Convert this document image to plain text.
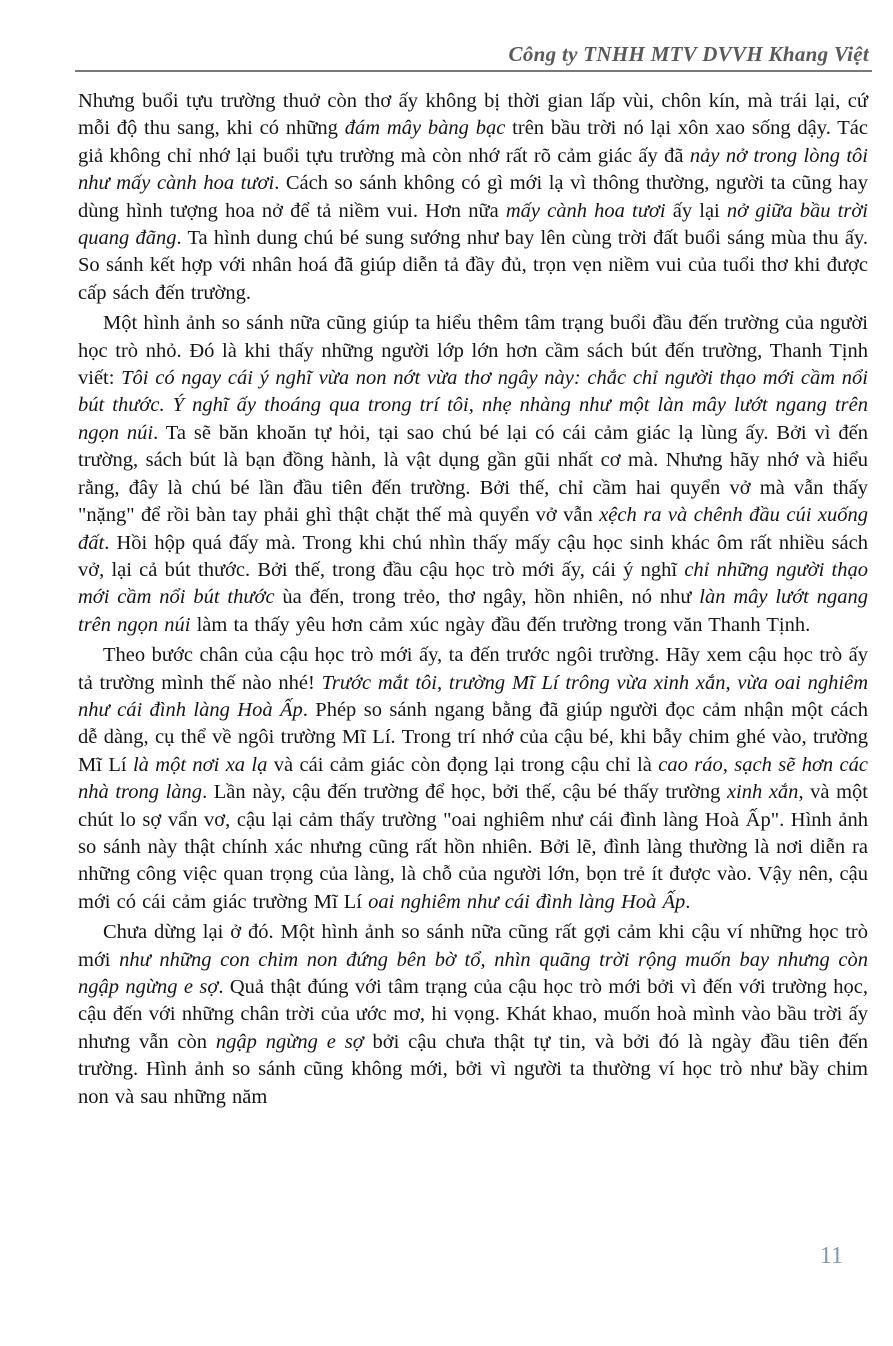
Công ty TNHH MTV DVVH Khang Việt

Nhưng buổi tựu trường thuở còn thơ ấy không bị thời gian lấp vùi, chôn kín, mà trái lại, cứ mỗi độ thu sang, khi có những đám mây bàng bạc trên bầu trời nó lại xôn xao sống dậy. Tác giả không chỉ nhớ lại buổi tựu trường mà còn nhớ rất rõ cảm giác ấy đã nảy nở trong lòng tôi như mấy cành hoa tươi. Cách so sánh không có gì mới lạ vì thông thường, người ta cũng hay dùng hình tượng hoa nở để tả niềm vui. Hơn nữa mấy cành hoa tươi ấy lại nở giữa bầu trời quang đãng. Ta hình dung chú bé sung sướng như bay lên cùng trời đất buổi sáng mùa thu ấy. So sánh kết hợp với nhân hoá đã giúp diễn tả đầy đủ, trọn vẹn niềm vui của tuổi thơ khi được cấp sách đến trường.

Một hình ảnh so sánh nữa cũng giúp ta hiểu thêm tâm trạng buổi đầu đến trường của người học trò nhỏ. Đó là khi thấy những người lớp lớn hơn cầm sách bút đến trường, Thanh Tịnh viết: Tôi có ngay cái ý nghĩ vừa non nớt vừa thơ ngây này: chắc chỉ người thạo mới cầm nổi bút thước. Ý nghĩ ấy thoáng qua trong trí tôi, nhẹ nhàng như một làn mây lướt ngang trên ngọn núi. Ta sẽ băn khoăn tự hỏi, tại sao chú bé lại có cái cảm giác lạ lùng ấy. Bởi vì đến trường, sách bút là bạn đồng hành, là vật dụng gần gũi nhất cơ mà. Nhưng hãy nhớ và hiểu rằng, đây là chú bé lần đầu tiên đến trường. Bởi thế, chỉ cầm hai quyển vở mà vẫn thấy "nặng" để rồi bàn tay phải ghì thật chặt thế mà quyển vở vẫn xệch ra và chênh đầu cúi xuống đất. Hồi hộp quá đấy mà. Trong khi chú nhìn thấy mấy cậu học sinh khác ôm rất nhiều sách vở, lại cả bút thước. Bởi thế, trong đầu cậu học trò mới ấy, cái ý nghĩ chỉ những người thạo mới cầm nổi bút thước ùa đến, trong trẻo, thơ ngây, hồn nhiên, nó như làn mây lướt ngang trên ngọn núi làm ta thấy yêu hơn cảm xúc ngày đầu đến trường trong văn Thanh Tịnh.

Theo bước chân của cậu học trò mới ấy, ta đến trước ngôi trường. Hãy xem cậu học trò ấy tả trường mình thế nào nhé! Trước mắt tôi, trường Mĩ Lí trông vừa xinh xắn, vừa oai nghiêm như cái đình làng Hoà Ấp. Phép so sánh ngang bằng đã giúp người đọc cảm nhận một cách dễ dàng, cụ thể về ngôi trường Mĩ Lí. Trong trí nhớ của cậu bé, khi bẫy chim ghé vào, trường Mĩ Lí là một nơi xa lạ và cái cảm giác còn đọng lại trong cậu chỉ là cao ráo, sạch sẽ hơn các nhà trong làng. Lần này, cậu đến trường để học, bởi thế, cậu bé thấy trường xinh xắn, và một chút lo sợ vẩn vơ, cậu lại cảm thấy trường "oai nghiêm như cái đình làng Hoà Ấp". Hình ảnh so sánh này thật chính xác nhưng cũng rất hồn nhiên. Bởi lẽ, đình làng thường là nơi diễn ra những công việc quan trọng của làng, là chỗ của người lớn, bọn trẻ ít được vào. Vậy nên, cậu mới có cái cảm giác trường Mĩ Lí oai nghiêm như cái đình làng Hoà Ấp.

Chưa dừng lại ở đó. Một hình ảnh so sánh nữa cũng rất gợi cảm khi cậu ví những học trò mới như những con chim non đứng bên bờ tổ, nhìn quãng trời rộng muốn bay nhưng còn ngập ngừng e sợ. Quả thật đúng với tâm trạng của cậu học trò mới bởi vì đến với trường học, cậu đến với những chân trời của ước mơ, hi vọng. Khát khao, muốn hoà mình vào bầu trời ấy nhưng vẫn còn ngập ngừng e sợ bởi cậu chưa thật tự tin, và bởi đó là ngày đầu tiên đến trường. Hình ảnh so sánh cũng không mới, bởi vì người ta thường ví học trò như bầy chim non và sau những năm

11
